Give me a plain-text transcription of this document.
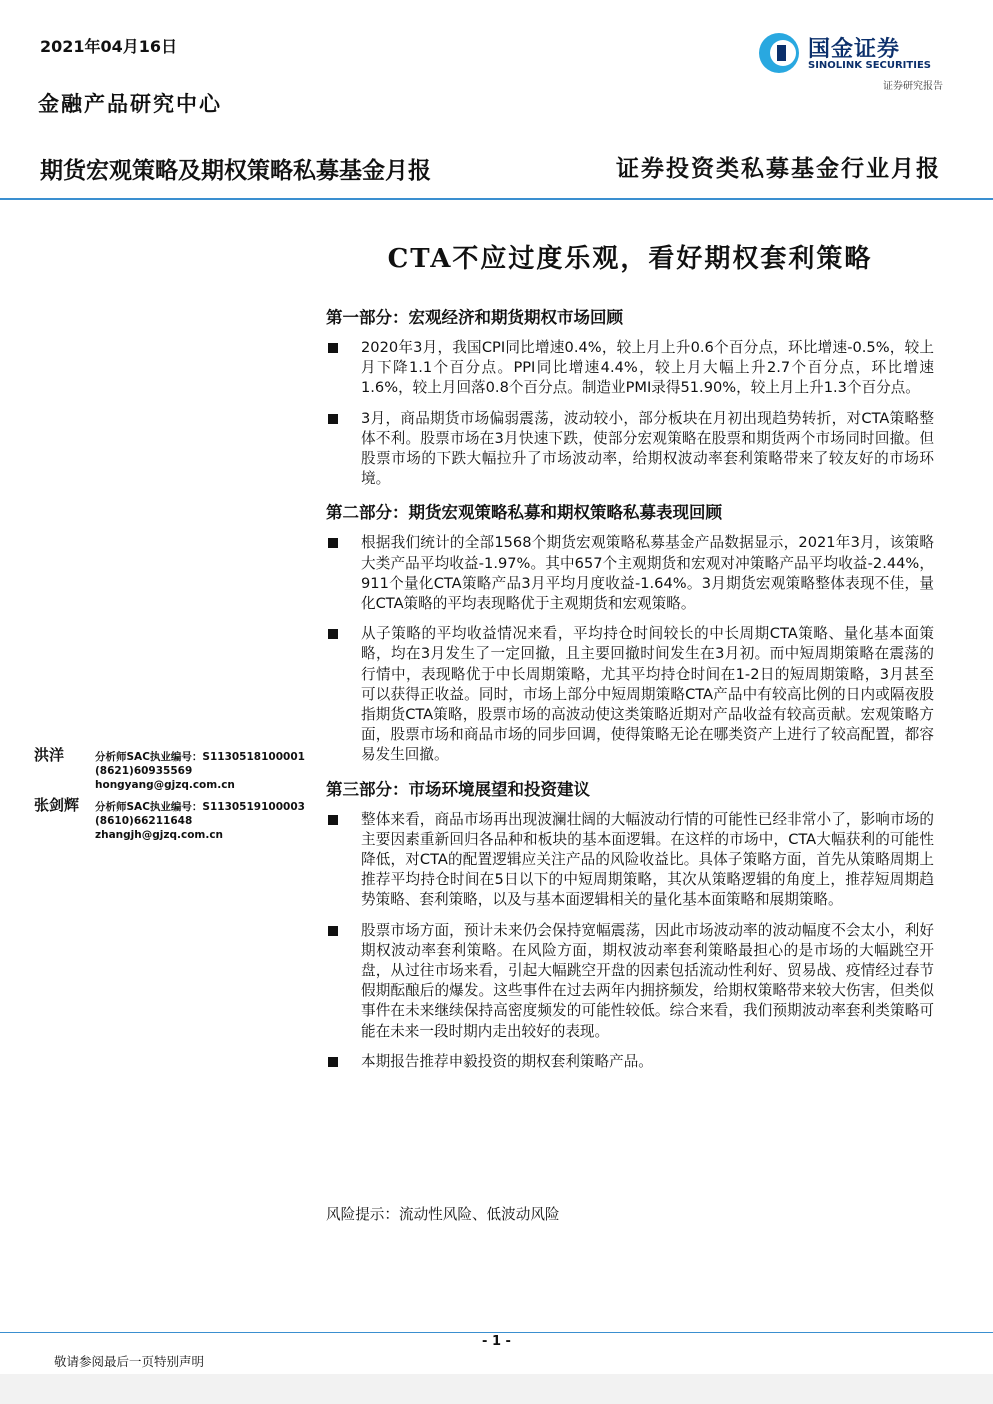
2021年04月16日
金融产品研究中心
国金证券
SINOLINK SECURITIES
证券研究报告
期货宏观策略及期权策略私募基金月报	证券投资类私募基金行业月报
CTA不应过度乐观，看好期权套利策略
第一部分：宏观经济和期货期权市场回顾
2020年3月，我国CPI同比增速0.4%，较上月上升0.6个百分点，环比增速-0.5%，较上月下降1.1个百分点。PPI同比增速4.4%，较上月大幅上升2.7个百分点，环比增速1.6%，较上月回落0.8个百分点。制造业PMI录得51.90%，较上月上升1.3个百分点。
3月，商品期货市场偏弱震荡，波动较小，部分板块在月初出现趋势转折，对CTA策略整体不利。股票市场在3月快速下跌，使部分宏观策略在股票和期货两个市场同时回撤。但股票市场的下跌大幅拉升了市场波动率，给期权波动率套利策略带来了较友好的市场环境。
第二部分：期货宏观策略私募和期权策略私募表现回顾
根据我们统计的全部1568个期货宏观策略私募基金产品数据显示，2021年3月，该策略大类产品平均收益-1.97%。其中657个主观期货和宏观对冲策略产品平均收益-2.44%，911个量化CTA策略产品3月平均月度收益-1.64%。3月期货宏观策略整体表现不佳，量化CTA策略的平均表现略优于主观期货和宏观策略。
从子策略的平均收益情况来看，平均持仓时间较长的中长周期CTA策略、量化基本面策略，均在3月发生了一定回撤，且主要回撤时间发生在3月初。而中短周期策略在震荡的行情中，表现略优于中长周期策略，尤其平均持仓时间在1-2日的短周期策略，3月甚至可以获得正收益。同时，市场上部分中短周期策略CTA产品中有较高比例的日内或隔夜股指期货CTA策略，股票市场的高波动使这类策略近期对产品收益有较高贡献。宏观策略方面，股票市场和商品市场的同步回调，使得策略无论在哪类资产上进行了较高配置，都容易发生回撤。
第三部分：市场环境展望和投资建议
整体来看，商品市场再出现波澜壮阔的大幅波动行情的可能性已经非常小了，影响市场的主要因素重新回归各品种和板块的基本面逻辑。在这样的市场中，CTA大幅获利的可能性降低，对CTA的配置逻辑应关注产品的风险收益比。具体子策略方面，首先从策略周期上推荐平均持仓时间在5日以下的中短周期策略，其次从策略逻辑的角度上，推荐短周期趋势策略、套利策略，以及与基本面逻辑相关的量化基本面策略和展期策略。
股票市场方面，预计未来仍会保持宽幅震荡，因此市场波动率的波动幅度不会太小，利好期权波动率套利策略。在风险方面，期权波动率套利策略最担心的是市场的大幅跳空开盘，从过往市场来看，引起大幅跳空开盘的因素包括流动性利好、贸易战、疫情经过春节假期酝酿后的爆发。这些事件在过去两年内拥挤频发，给期权策略带来较大伤害，但类似事件在未来继续保持高密度频发的可能性较低。综合来看，我们预期波动率套利类策略可能在未来一段时期内走出较好的表现。
本期报告推荐申毅投资的期权套利策略产品。
风险提示：流动性风险、低波动风险
洪洋	分析师SAC执业编号：S1130518100001
(8621)60935569
hongyang@gjzq.com.cn
张剑辉 分析师SAC执业编号：S1130519100003
(8610)66211648
zhangjh@gjzq.com.cn
- 1 -
敬请参阅最后一页特别声明
